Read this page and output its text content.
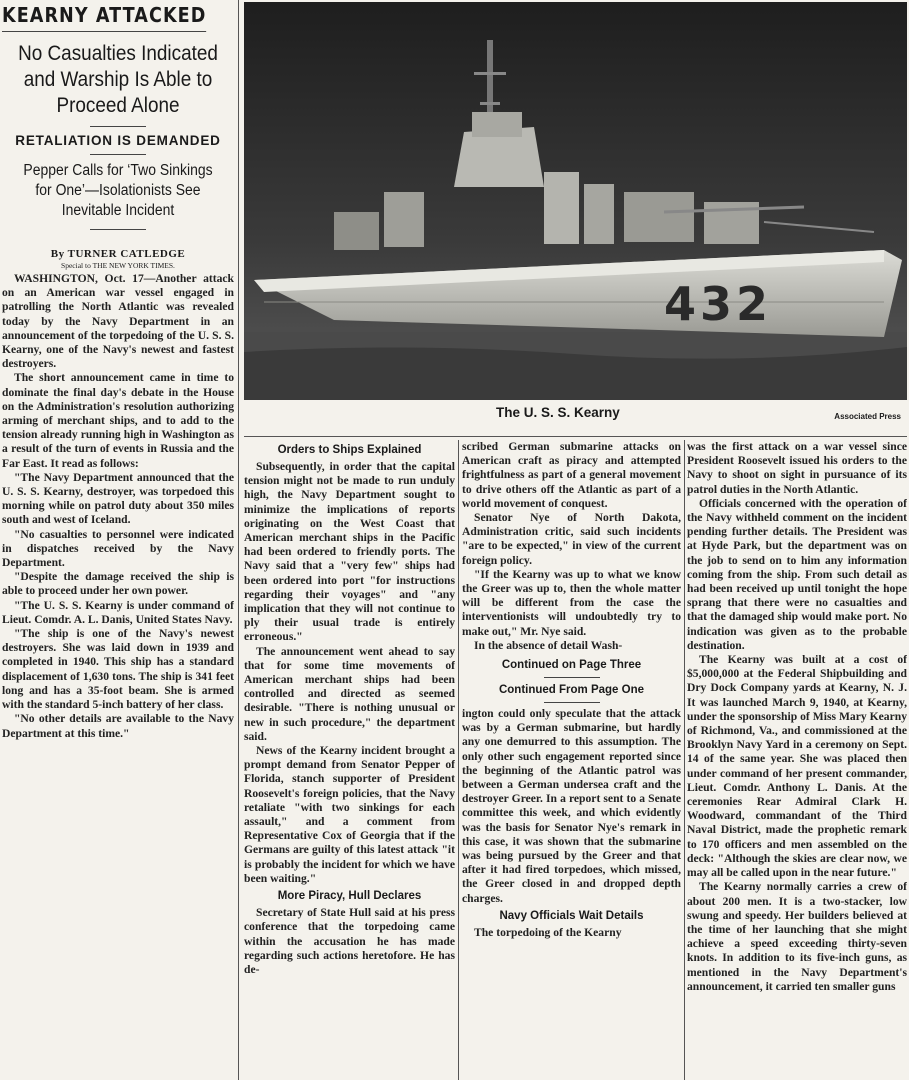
KEARNY ATTACKED
No Casualties Indicated and Warship Is Able to Proceed Alone
RETALIATION IS DEMANDED
Pepper Calls for ‘Two Sinkings for One’—Isolationists See Inevitable Incident
By TURNER CATLEDGE
Special to THE NEW YORK TIMES.

WASHINGTON, Oct. 17—Another attack on an American war vessel engaged in patrolling the North Atlantic was revealed today by the Navy Department in an announcement of the torpedoing of the U. S. S. Kearny, one of the Navy's newest and fastest destroyers.

The short announcement came in time to dominate the final day's debate in the House on the Administration's resolution authorizing arming of merchant ships, and to add to the tension already running high in Washington as a result of the turn of events in Russia and the Far East. It read as follows:

"The Navy Department announced that the U. S. S. Kearny, destroyer, was torpedoed this morning while on patrol duty about 350 miles south and west of Iceland.

"No casualties to personnel were indicated in dispatches received by the Navy Department.

"Despite the damage received the ship is able to proceed under her own power.

"The U. S. S. Kearny is under command of Lieut. Comdr. A. L. Danis, United States Navy.

"The ship is one of the Navy's newest destroyers. She was laid down in 1939 and completed in 1940. This ship has a standard displacement of 1,630 tons. The ship is 341 feet long and has a 35-foot beam. She is armed with the standard 5-inch battery of her class.

"No other details are available to the Navy Department at this time."

432
The U. S. S. Kearny	Associated Press
Orders to Ships Explained

Subsequently, in order that the capital tension might not be made to run unduly high, the Navy Department sought to minimize the implications of reports originating on the West Coast that American merchant ships in the Pacific had been ordered to friendly ports. The Navy said that a "very few" ships had been ordered into port "for instructions regarding their voyages" and "any implication that they will not continue to ply their usual trade is entirely erroneous."

The announcement went ahead to say that for some time movements of American merchant ships had been controlled and directed as seemed desirable. "There is nothing unusual or new in such procedure," the department said.

News of the Kearny incident brought a prompt demand from Senator Pepper of Florida, stanch supporter of President Roosevelt's foreign policies, that the Navy retaliate "with two sinkings for each assault," and a comment from Representative Cox of Georgia that if the Germans are guilty of this latest attack "it is probably the incident for which we have been waiting."

More Piracy, Hull Declares

Secretary of State Hull said at his press conference that the torpedoing came within the accusation he has made regarding such actions heretofore. He has de-

scribed German submarine attacks on American craft as piracy and attempted frightfulness as part of a general movement to drive others off the Atlantic as part of a world movement of conquest.

Senator Nye of North Dakota, Administration critic, said such incidents "are to be expected," in view of the current foreign policy.

"If the Kearny was up to what we know the Greer was up to, then the whole matter will be different from the case the interventionists will undoubtedly try to make out," Mr. Nye said.

In the absence of detail Wash-

Continued on Page Three
Continued From Page One

ington could only speculate that the attack was by a German submarine, but hardly any one demurred to this assumption. The only other such engagement reported since the beginning of the Atlantic patrol was between a German undersea craft and the destroyer Greer. In a report sent to a Senate committee this week, and which evidently was the basis for Senator Nye's remark in this case, it was shown that the submarine was being pursued by the Greer and that after it had fired torpedoes, which missed, the Greer closed in and dropped depth charges.

Navy Officials Wait Details

The torpedoing of the Kearny

was the first attack on a war vessel since President Roosevelt issued his orders to the Navy to shoot on sight in pursuance of its patrol duties in the North Atlantic.

Officials concerned with the operation of the Navy withheld comment on the incident pending further details. The President was at Hyde Park, but the department was on the job to send on to him any information coming from the ship. From such detail as had been received up until tonight the hope sprang that there were no casualties and that the damaged ship would make port. No indication was given as to the probable destination.

The Kearny was built at a cost of $5,000,000 at the Federal Shipbuilding and Dry Dock Company yards at Kearny, N. J. It was launched March 9, 1940, at Kearny, under the sponsorship of Miss Mary Kearny of Richmond, Va., and commissioned at the Brooklyn Navy Yard in a ceremony on Sept. 14 of the same year. She was placed then under command of her present commander, Lieut. Comdr. Anthony L. Danis. At the ceremonies Rear Admiral Clark H. Woodward, commandant of the Third Naval District, made the prophetic remark to 170 officers and men assembled on the deck: "Although the skies are clear now, we may all be called upon in the near future."

The Kearny normally carries a crew of about 200 men. It is a two-stacker, low swung and speedy. Her builders believed at the time of her launching that she might achieve a speed exceeding thirty-seven knots. In addition to its five-inch guns, as mentioned in the Navy Department's announcement, it carried ten smaller guns
